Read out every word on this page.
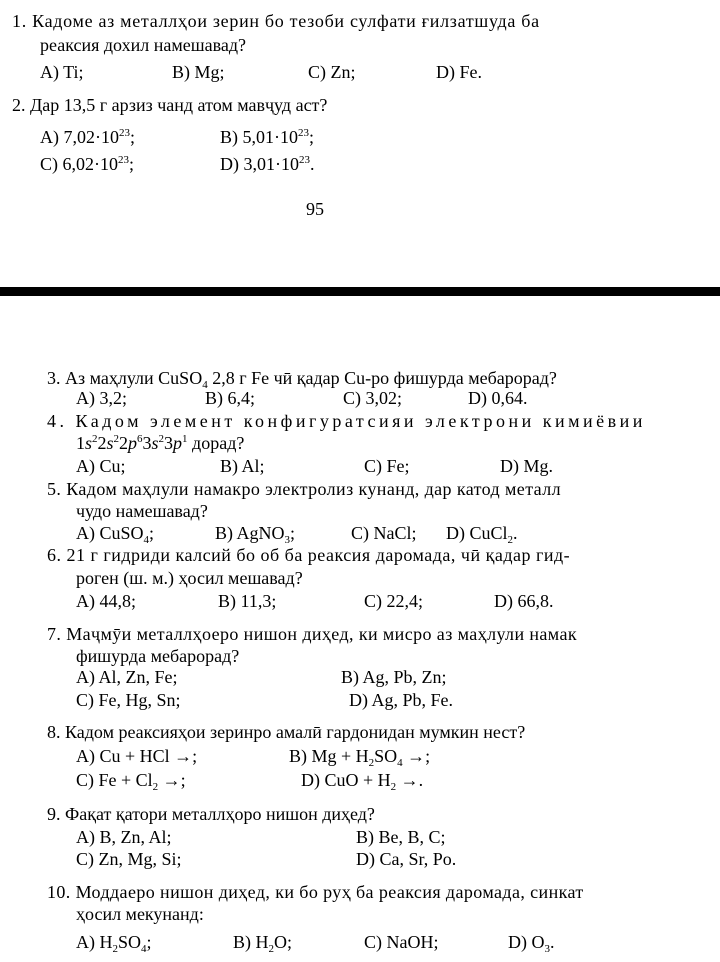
1. Кадоме аз металлҳои зерин бо тезоби сулфати ғилзатшуда ба
реаксия дохил намешавад?
A) Ti;	B) Mg;	C) Zn;	D) Fe.
2. Дар 13,5 г арзиз чанд атом мавҷуд аст?
A) $7,02\cdot 10^{23}$;	B) $5,01\cdot 10^{23}$;
C) $6,02\cdot 10^{23}$;	D) $3,01\cdot 10^{23}$.
95
3. Аз маҳлули CuSO$_4$ 2,8 г Fe чӣ қадар Cu-ро фишурда мебарорад?
A) 3,2;	B) 6,4;	C) 3,02;	D) 0,64.
4. Кадом элемент конфигуратсияи электрони кимиёвии
$1s^22s^22p^63s^23p^1$ дорад?
A) Cu;	B) Al;	C) Fe;	D) Mg.
5. Кадом маҳлули намакро электролиз кунанд, дар катод металл
чудо намешавад?
A) CuSO$_4$;	B) AgNO$_3$;	C) NaCl; D) CuCl$_2$.
6. 21 г гидриди калсий бо об ба реаксия даромада, чӣ қадар гид-
роген (ш. м.) ҳосил мешавад?
A) 44,8;	B) 11,3;	C) 22,4;	D) 66,8.
7. Маҷмӯи металлҳоеро нишон диҳед, ки мисро аз маҳлули намак
фишурда мебарорад?
A) Al, Zn, Fe;	B) Ag, Pb, Zn;
C) Fe, Hg, Sn;	D) Ag, Pb, Fe.
8. Кадом реаксияҳои зеринро амалӣ гардонидан мумкин нест?
A) Cu + HCl →;	B) $Mg + H_2SO_4$ →;
C) $Fe + Cl_2$ →;	D) CuO + $H_2$ →.
9. Фақат қатори металлҳоро нишон диҳед?
A) B, Zn, Al;	B) Be, B, C;
C) Zn, Mg, Si;	D) Ca, Sr, Po.
10. Моддаеро нишон диҳед, ки бо руҳ ба реаксия даромада, синкат
ҳосил мекунанд:
A) $H_2SO_4$;	B) $H_2O$;	C) NaOH;	D) $O_3$.
